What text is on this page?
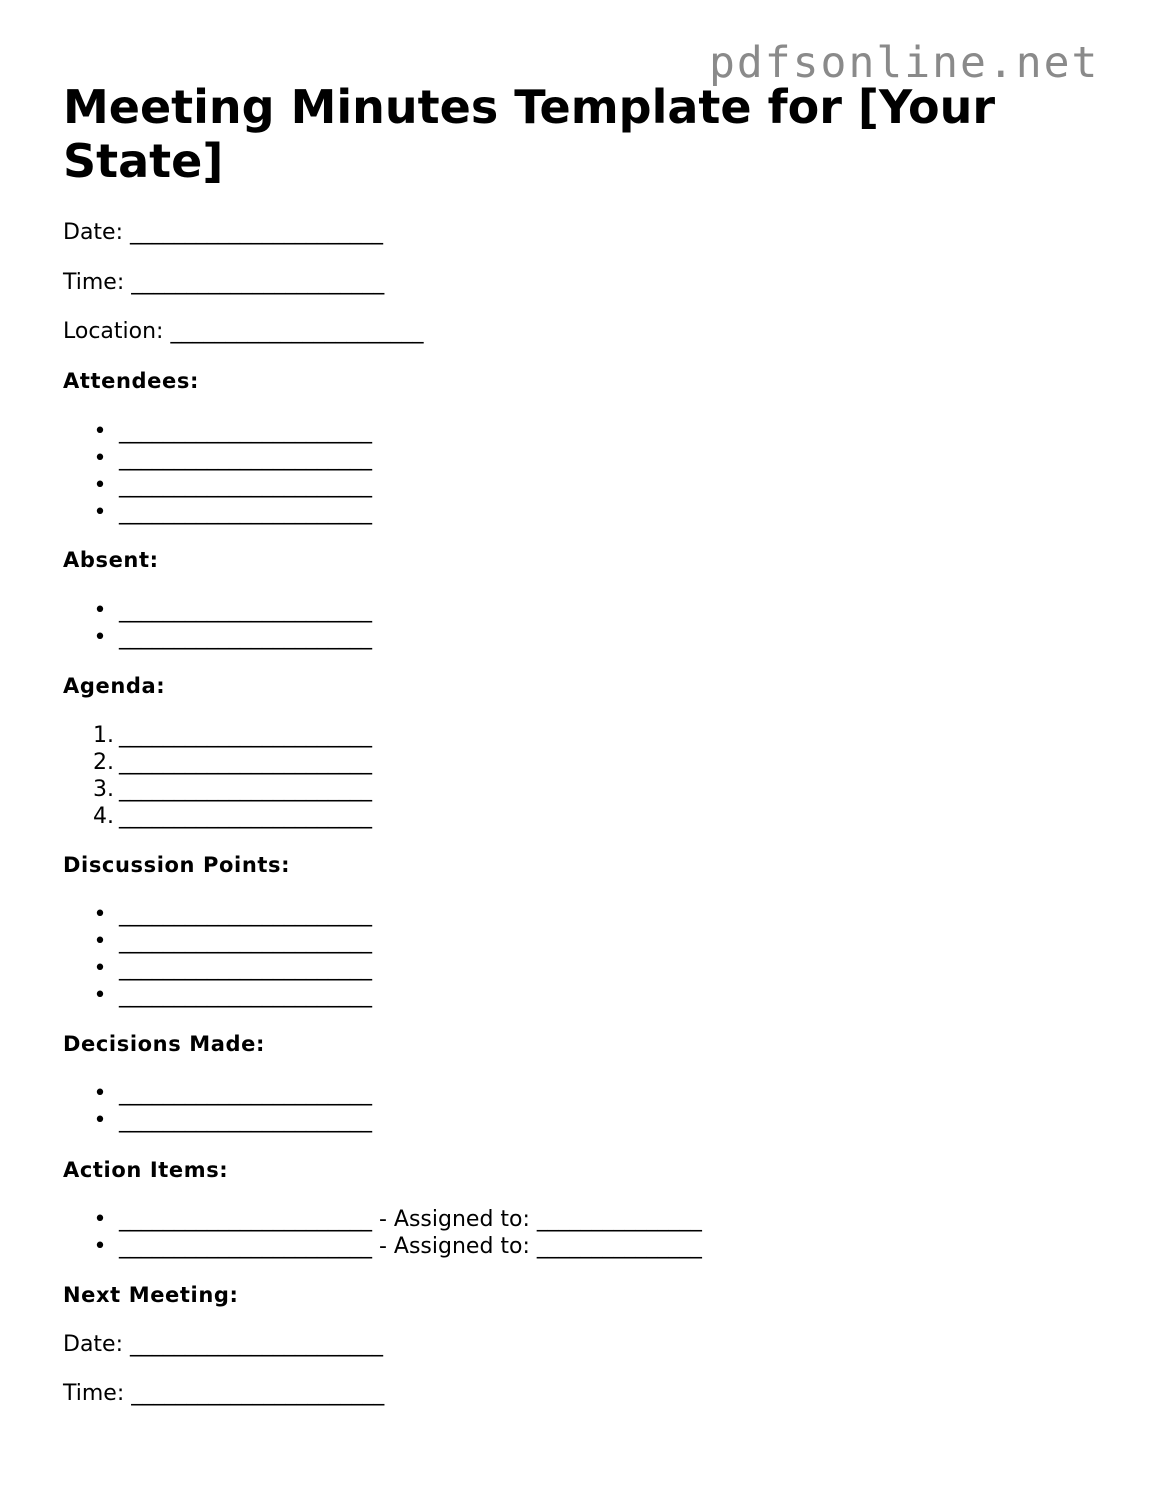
pdfsonline.net
Meeting Minutes Template for [Your State]
Date: _______________________
Time: _______________________
Location: _______________________
Attendees:
• _______________________
• _______________________
• _______________________
• _______________________
Absent:
• _______________________
• _______________________
Agenda:
1. _______________________
2. _______________________
3. _______________________
4. _______________________
Discussion Points:
• _______________________
• _______________________
• _______________________
• _______________________
Decisions Made:
• _______________________
• _______________________
Action Items:
• _______________________ - Assigned to: _______________
• _______________________ - Assigned to: _______________
Next Meeting:
Date: _______________________
Time: _______________________
